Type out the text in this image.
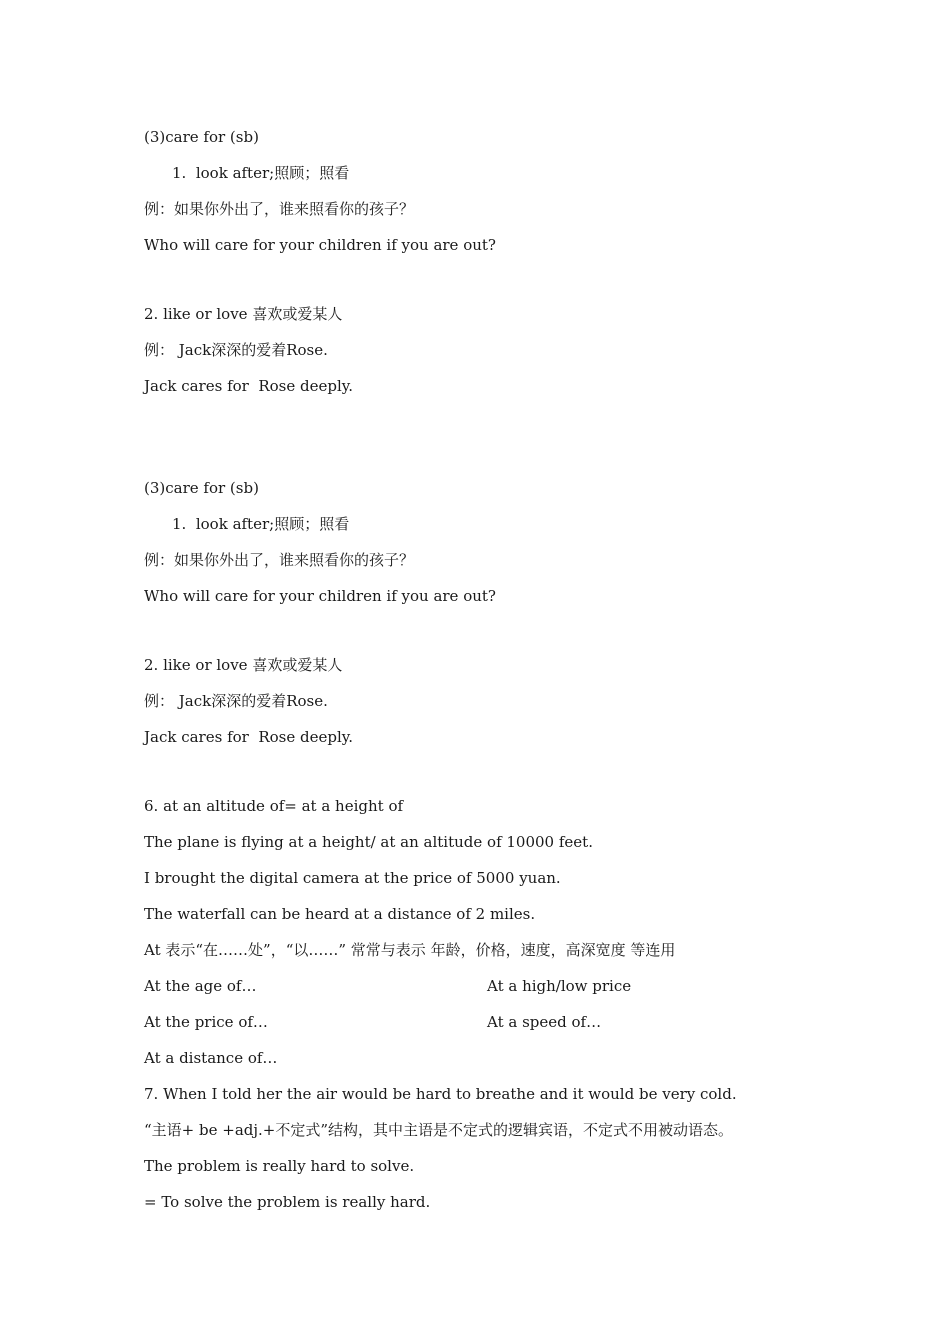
(3)care for (sb)
1.  look after;照顾；照看
例：如果你外出了，谁来照看你的孩子？
Who will care for your children if you are out?
2. like or love 喜欢或爱某人
例： Jack深深的爱着Rose.
Jack cares for  Rose deeply.
(3)care for (sb)
1.  look after;照顾；照看
例：如果你外出了，谁来照看你的孩子？
Who will care for your children if you are out?
2. like or love 喜欢或爱某人
例： Jack深深的爱着Rose.
Jack cares for  Rose deeply.
6. at an altitude of= at a height of
The plane is flying at a height/ at an altitude of 10000 feet.
I brought the digital camera at the price of 5000 yuan.
The waterfall can be heard at a distance of 2 miles.
At 表示“在……处”，“以……” 常常与表示 年龄，价格，速度，高深宽度 等连用
At the age of…	At a high/low price
At the price of…	At a speed of…
At a distance of…
7. When I told her the air would be hard to breathe and it would be very cold.
“主语+ be +adj.+不定式”结构，其中主语是不定式的逻辑宾语，不定式不用被动语态。
The problem is really hard to solve.
= To solve the problem is really hard.
